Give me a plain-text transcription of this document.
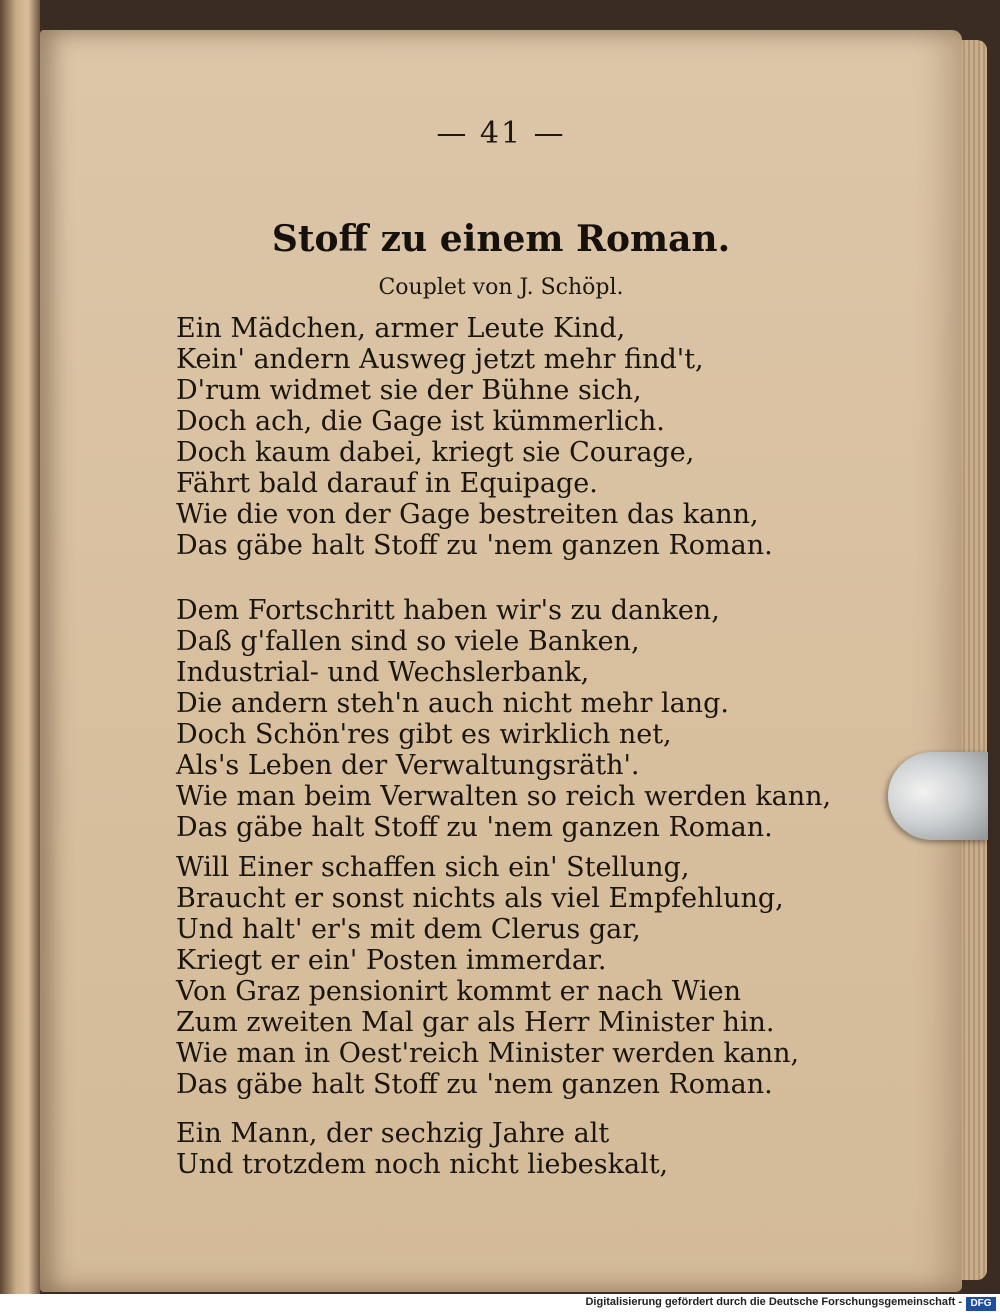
— 41 —
Stoff zu einem Roman.
Couplet von J. Schöpl.
Ein Mädchen, armer Leute Kind,
Kein' andern Ausweg jetzt mehr find't,
D'rum widmet sie der Bühne sich,
Doch ach, die Gage ist kümmerlich.
Doch kaum dabei, kriegt sie Courage,
Fährt bald darauf in Equipage.
Wie die von der Gage bestreiten das kann,
Das gäbe halt Stoff zu 'nem ganzen Roman.
Dem Fortschritt haben wir's zu danken,
Daß g'fallen sind so viele Banken,
Industrial- und Wechslerbank,
Die andern steh'n auch nicht mehr lang.
Doch Schön'res gibt es wirklich net,
Als's Leben der Verwaltungsräth'.
Wie man beim Verwalten so reich werden kann,
Das gäbe halt Stoff zu 'nem ganzen Roman.
Will Einer schaffen sich ein' Stellung,
Braucht er sonst nichts als viel Empfehlung,
Und halt' er's mit dem Clerus gar,
Kriegt er ein' Posten immerdar.
Von Graz pensionirt kommt er nach Wien
Zum zweiten Mal gar als Herr Minister hin.
Wie man in Oest'reich Minister werden kann,
Das gäbe halt Stoff zu 'nem ganzen Roman.
Ein Mann, der sechzig Jahre alt
Und trotzdem noch nicht liebeskalt,
Digitalisierung gefördert durch die Deutsche Forschungsgemeinschaft - DFG
